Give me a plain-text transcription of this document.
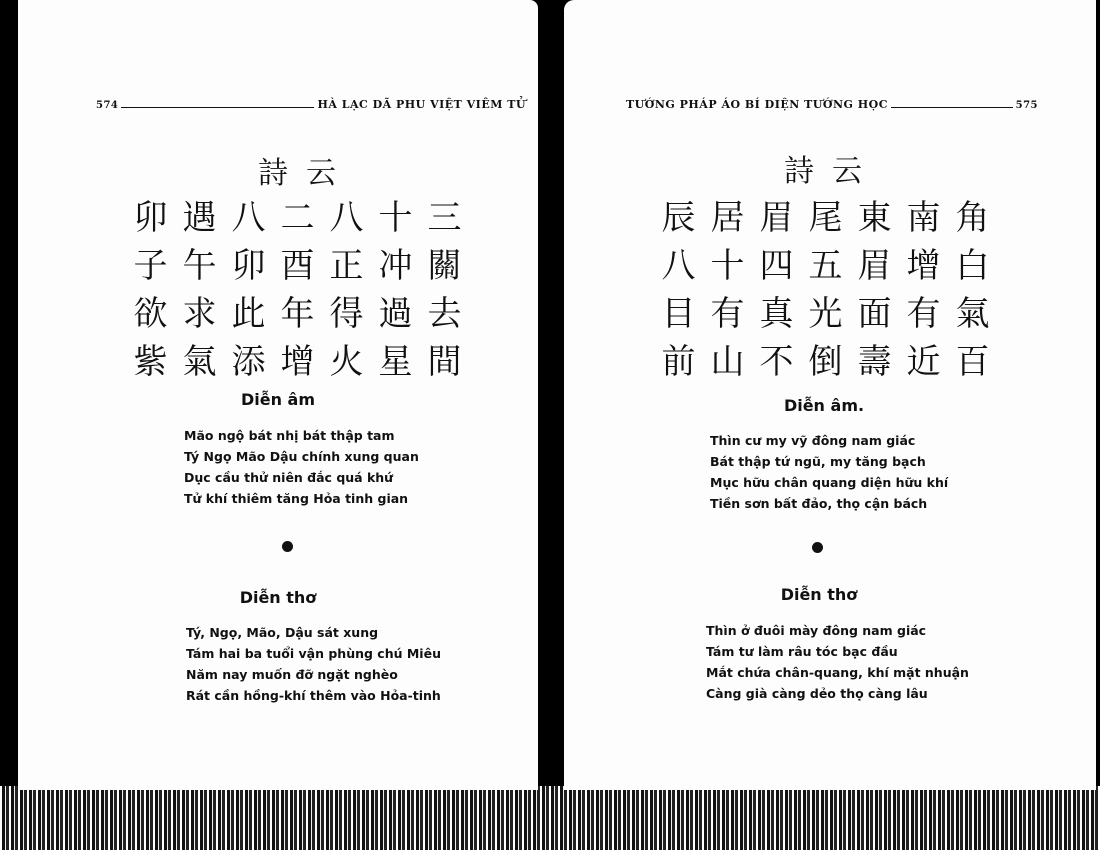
574	HÀ LẠC DÃ PHU VIỆT VIÊM TỬ
詩云
卯 遇 八 二 八 十 三
子 午 卯 酉 正 冲 關
欲 求 此 年 得 過 去
紫 氣 添 增 火 星 間
Diễn âm
Mão ngộ bát nhị bát thập tam
Tý Ngọ Mão Dậu chính xung quan
Dục cầu thử niên đắc quá khứ
Tử khí thiêm tăng Hỏa tinh gian
Diễn thơ
Tý, Ngọ, Mão, Dậu sát xung
Tám hai ba tuổi vận phùng chú Miêu
Năm nay muốn đỡ ngặt nghèo
Rát cần hồng-khí thêm vào Hỏa-tinh
TƯỚNG PHÁP ÁO BÍ DIỆN TƯỚNG HỌC	575
詩云
辰 居 眉 尾 東 南 角
八 十 四 五 眉 增 白
目 有 真 光 面 有 氣
前 山 不 倒 壽 近 百
Diễn âm.
Thìn cư my vỹ đông nam giác
Bát thập tứ ngũ, my tăng bạch
Mục hữu chân quang diện hữu khí
Tiền sơn bất đảo, thọ cận bách
Diễn thơ
Thìn ở đuôi mày đông nam giác
Tám tư làm râu tóc bạc đầu
Mắt chứa chân-quang, khí mặt nhuận
Càng già càng dẻo thọ càng lâu
